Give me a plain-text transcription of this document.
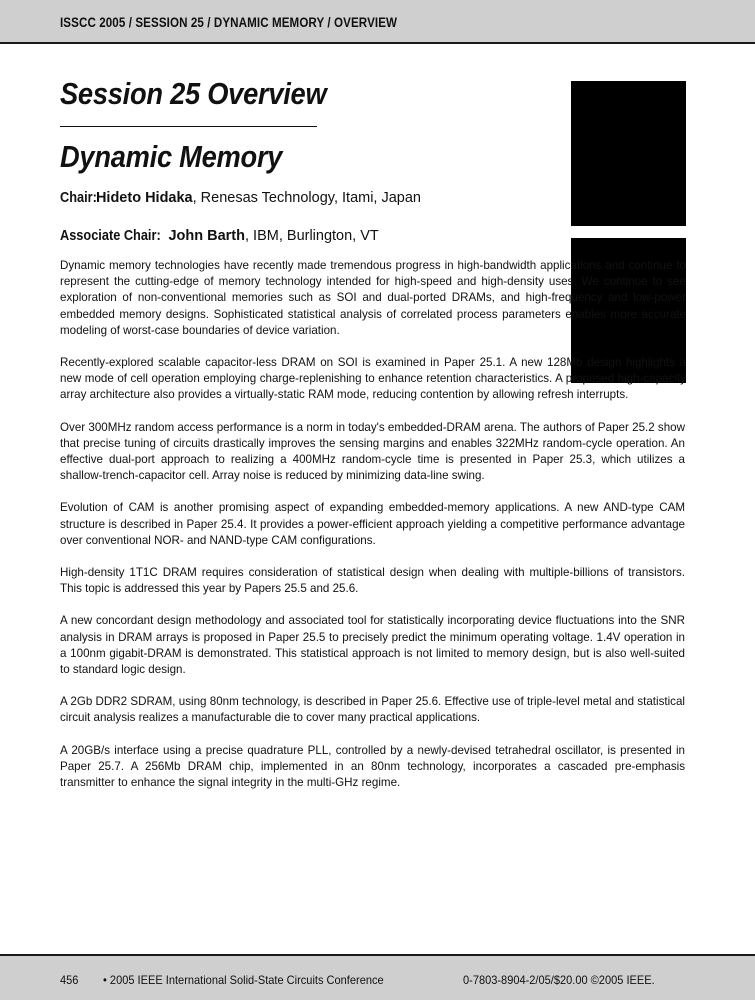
ISSCC 2005 / SESSION 25 / DYNAMIC MEMORY / OVERVIEW
Session 25 Overview
Dynamic Memory
Chair: Hideto Hidaka, Renesas Technology, Itami, Japan
Associate Chair: John Barth, IBM, Burlington, VT

Dynamic memory technologies have recently made tremendous progress in high-bandwidth applications and continue to represent the cutting-edge of memory technology intended for high-speed and high-density uses. We continue to see exploration of non-conventional memories such as SOI and dual-ported DRAMs, and high-frequency and low-power embedded memory designs. Sophisticated statistical analysis of correlated process parameters enables more accurate modeling of worst-case boundaries of device variation.

Recently-explored scalable capacitor-less DRAM on SOI is examined in Paper 25.1. A new 128Mb design highlights a new mode of cell operation employing charge-replenishing to enhance retention characteristics. A proposed high-capacity array architecture also provides a virtually-static RAM mode, reducing contention by allowing refresh interrupts.

Over 300MHz random access performance is a norm in today's embedded-DRAM arena. The authors of Paper 25.2 show that precise tuning of circuits drastically improves the sensing margins and enables 322MHz random-cycle operation. An effective dual-port approach to realizing a 400MHz random-cycle time is presented in Paper 25.3, which utilizes a shallow-trench-capacitor cell. Array noise is reduced by minimizing data-line swing.

Evolution of CAM is another promising aspect of expanding embedded-memory applications. A new AND-type CAM structure is described in Paper 25.4. It provides a power-efficient approach yielding a competitive performance advantage over conventional NOR- and NAND-type CAM configurations.

High-density 1T1C DRAM requires consideration of statistical design when dealing with multiple-billions of transistors. This topic is addressed this year by Papers 25.5 and 25.6.

A new concordant design methodology and associated tool for statistically incorporating device fluctuations into the SNR analysis in DRAM arrays is proposed in Paper 25.5 to precisely predict the minimum operating voltage. 1.4V operation in a 100nm gigabit-DRAM is demonstrated. This statistical approach is not limited to memory design, but is also well-suited to standard logic design.

A 2Gb DDR2 SDRAM, using 80nm technology, is described in Paper 25.6. Effective use of triple-level metal and statistical circuit analysis realizes a manufacturable die to cover many practical applications.

A 20GB/s interface using a precise quadrature PLL, controlled by a newly-devised tetrahedral oscillator, is presented in Paper 25.7. A 256Mb DRAM chip, implemented in an 80nm technology, incorporates a cascaded pre-emphasis transmitter to enhance the signal integrity in the multi-GHz regime.

456 • 2005 IEEE International Solid-State Circuits Conference	0-7803-8904-2/05/$20.00 ©2005 IEEE.
